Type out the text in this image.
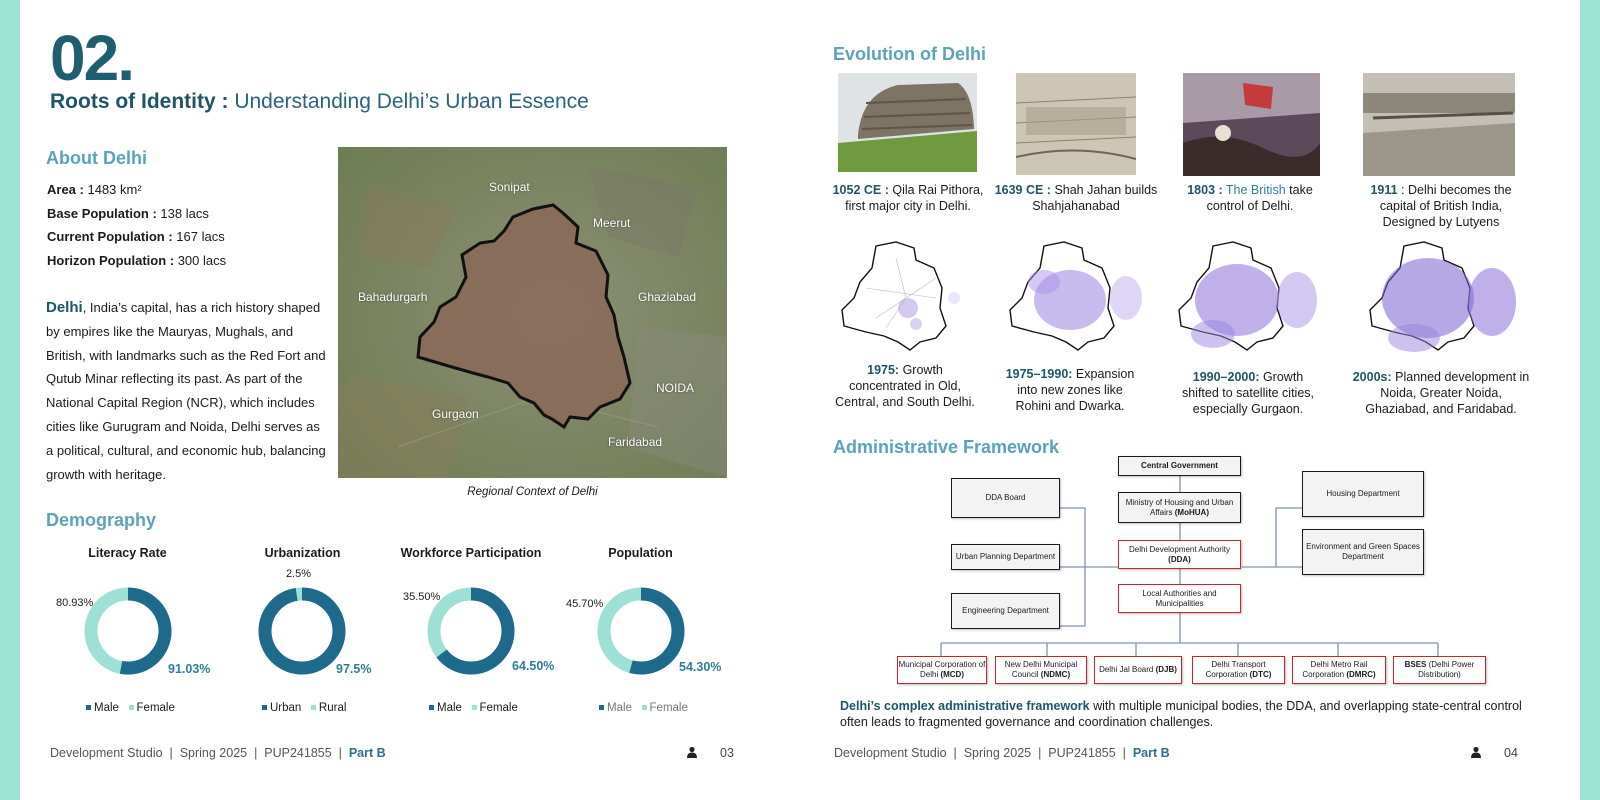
02.
Roots of Identity : Understanding Delhi’s Urban Essence
About Delhi
Area : 1483 km²
Base Population : 138 lacs
Current Population : 167 lacs
Horizon Population : 300 lacs
Delhi, India’s capital, has a rich history shaped by empires like the Mauryas, Mughals, and British, with landmarks such as the Red Fort and Qutub Minar reflecting its past. As part of the National Capital Region (NCR), which includes cities like Gurugram and Noida, Delhi serves as a political, cultural, and economic hub, balancing growth with heritage.
Sonipat
Meerut
Bahadurgarh	Ghaziabad
NOIDA
Gurgaon
Faridabad
Regional Context of Delhi
Demography
Literacy Rate	Urbanization	Workforce Participation	Population
80.93%
91.03%
2.5%
97.5%
35.50%
64.50%
45.70%
54.30%
Male Female	Urban Rural	Male Female	Male Female
Development Studio  |  Spring 2025  |  PUP241855  |  Part B	03
Evolution of Delhi
1052 CE : Qila Rai Pithora, first major city in Delhi.
1639 CE : Shah Jahan builds Shahjahanabad
1803 : The British take control of Delhi.
1911 : Delhi becomes the capital of British India, Designed by Lutyens
1975: Growth concentrated in Old, Central, and South Delhi.
1975–1990: Expansion into new zones like Rohini and Dwarka.
1990–2000: Growth shifted to satellite cities, especially Gurgaon.
2000s: Planned development in Noida, Greater Noida, Ghaziabad, and Faridabad.
Administrative Framework
Central Government
Ministry of Housing and Urban Affairs (MoHUA)
Delhi Development Authority (DDA)
Local Authorities and Municipalities
DDA Board
Urban Planning Department
Engineering Department
Housing Department
Environment and Green Spaces Department
Municipal Corporation of Delhi (MCD)
New Delhi Municipal Council (NDMC)
Delhi Jal Board (DJB)
Delhi Transport Corporation (DTC)
Delhi Metro Rail Corporation (DMRC)
BSES (Delhi Power Distribution)
Delhi’s complex administrative framework with multiple municipal bodies, the DDA, and overlapping state-central control often leads to fragmented governance and coordination challenges.
Development Studio  |  Spring 2025  |  PUP241855  |  Part B	04
